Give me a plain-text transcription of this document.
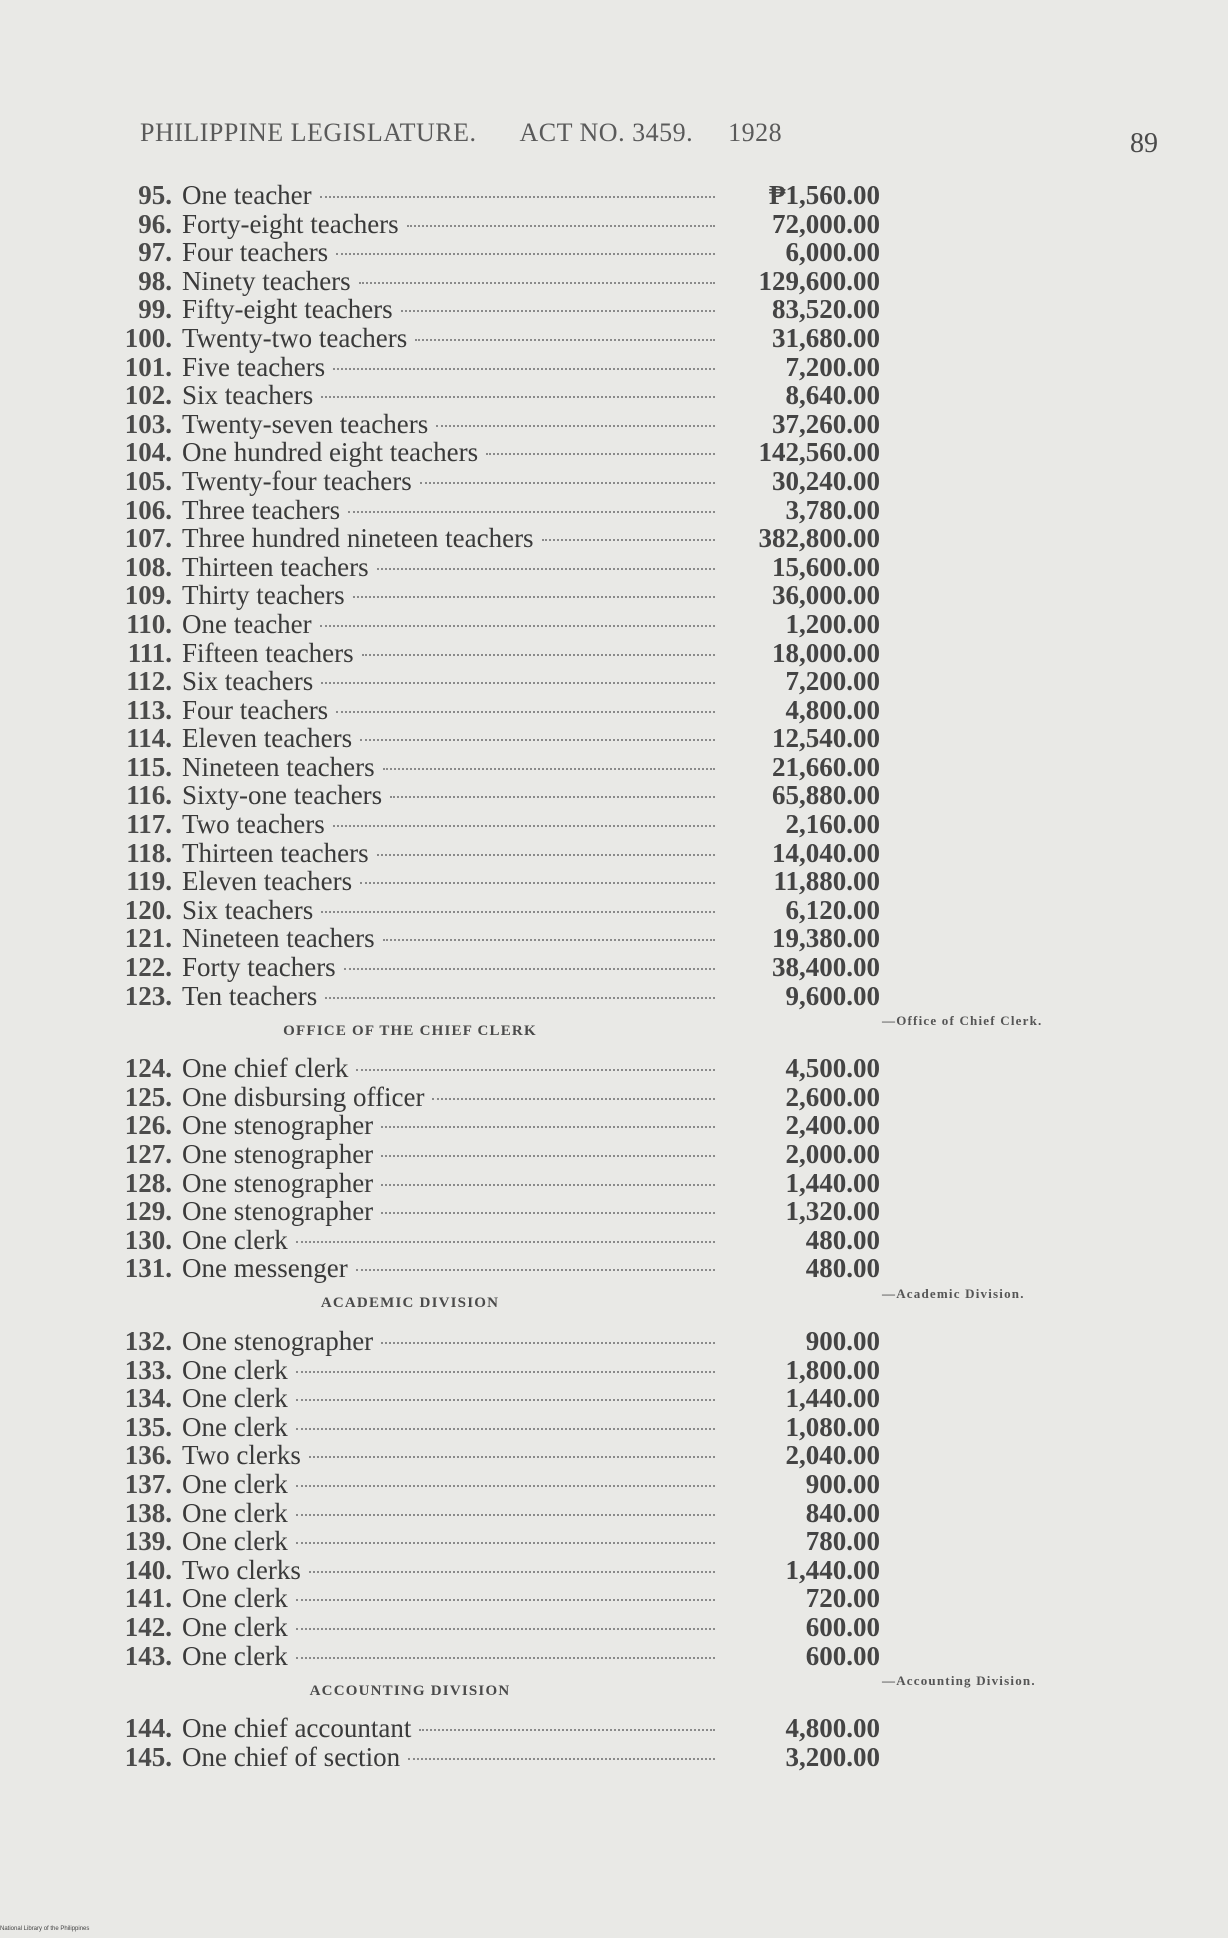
PHILIPPINE LEGISLATURE. ACT NO. 3459. 1928	89
95. One teacher	₱1,560.00
96. Forty-eight teachers	72,000.00
97. Four teachers	6,000.00
98. Ninety teachers	129,600.00
99. Fifty-eight teachers	83,520.00
100. Twenty-two teachers	31,680.00
101. Five teachers	7,200.00
102. Six teachers	8,640.00
103. Twenty-seven teachers	37,260.00
104. One hundred eight teachers	142,560.00
105. Twenty-four teachers	30,240.00
106. Three teachers	3,780.00
107. Three hundred nineteen teachers	382,800.00
108. Thirteen teachers	15,600.00
109. Thirty teachers	36,000.00
110. One teacher	1,200.00
111. Fifteen teachers	18,000.00
112. Six teachers	7,200.00
113. Four teachers	4,800.00
114. Eleven teachers	12,540.00
115. Nineteen teachers	21,660.00
116. Sixty-one teachers	65,880.00
117. Two teachers	2,160.00
118. Thirteen teachers	14,040.00
119. Eleven teachers	11,880.00
120. Six teachers	6,120.00
121. Nineteen teachers	19,380.00
122. Forty teachers	38,400.00
123. Ten teachers	9,600.00
OFFICE OF THE CHIEF CLERK
—Office of Chief Clerk.
124. One chief clerk	4,500.00
125. One disbursing officer	2,600.00
126. One stenographer	2,400.00
127. One stenographer	2,000.00
128. One stenographer	1,440.00
129. One stenographer	1,320.00
130. One clerk	480.00
131. One messenger	480.00
ACADEMIC DIVISION
—Academic Division.
132. One stenographer	900.00
133. One clerk	1,800.00
134. One clerk	1,440.00
135. One clerk	1,080.00
136. Two clerks	2,040.00
137. One clerk	900.00
138. One clerk	840.00
139. One clerk	780.00
140. Two clerks	1,440.00
141. One clerk	720.00
142. One clerk	600.00
143. One clerk	600.00
ACCOUNTING DIVISION
—Accounting Division.
144. One chief accountant	4,800.00
145. One chief of section	3,200.00
National Library of the Philippines
